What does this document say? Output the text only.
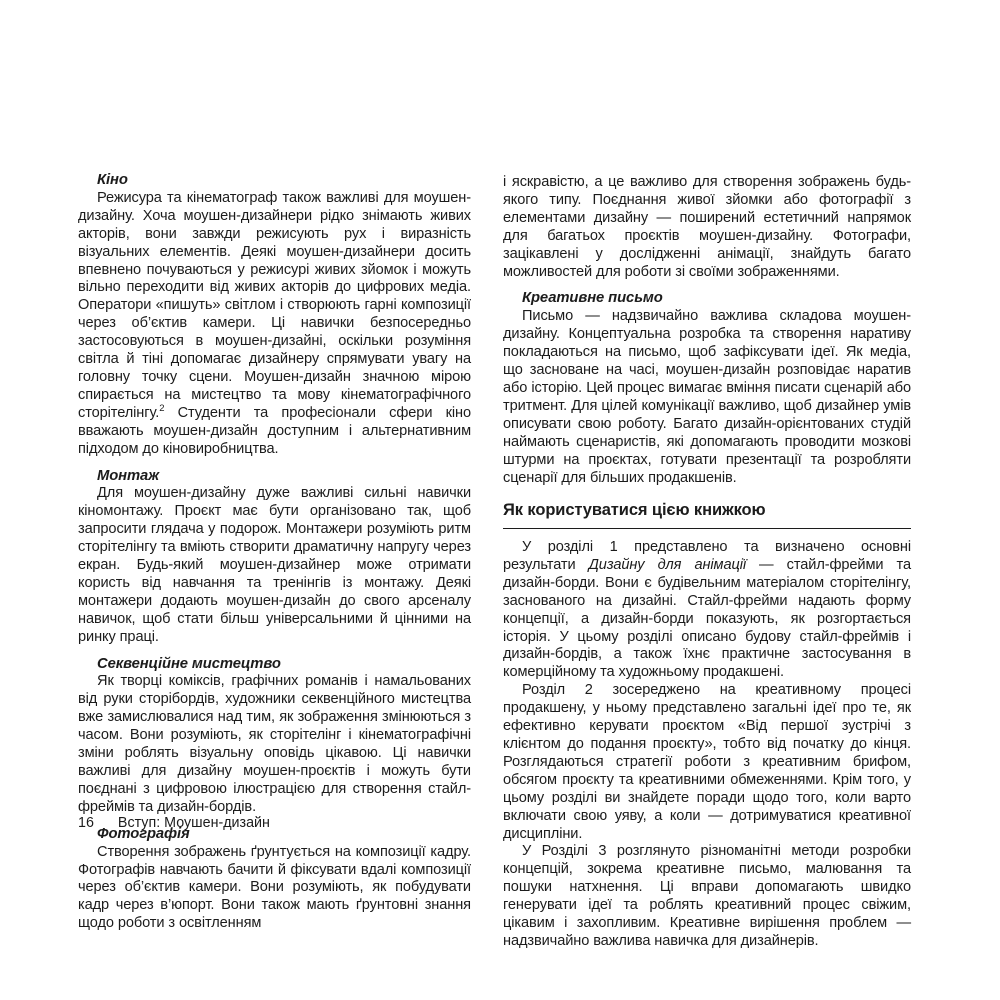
Кіно

Режисура та кінематограф також важливі для моушен-дизайну. Хоча моушен-дизайнери рідко знімають живих акторів, вони завжди режисують рух і виразність візуальних елементів. Деякі моушен-дизайнери досить впевнено почуваються у режисурі живих зйомок і можуть вільно переходити від живих акторів до цифрових медіа. Оператори «пишуть» світлом і створюють гарні композиції через об’єктив камери. Ці навички безпосередньо застосовуються в моушен-дизайні, оскільки розуміння світла й тіні допомагає дизайнеру спрямувати увагу на головну точку сцени. Моушен-дизайн значною мірою спирається на мистецтво та мову кінематографічного сторітелінгу.$^2$ Студенти та професіонали сфери кіно вважають моушен-дизайн доступним і альтернативним підходом до кіновиробництва.

Монтаж

Для моушен-дизайну дуже важливі сильні навички кіномонтажу. Проєкт має бути організовано так, щоб запросити глядача у подорож. Монтажери розуміють ритм сторітелінгу та вміють створити драматичну напругу через екран. Будь-який моушен-дизайнер може отримати користь від навчання та тренінгів із монтажу. Деякі монтажери додають моушен-дизайн до свого арсеналу навичок, щоб стати більш універсальними й цінними на ринку праці.

Секвенційне мистецтво

Як творці коміксів, графічних романів і намальованих від руки сторібордів, художники секвенційного мистецтва вже замислювалися над тим, як зображення змінюються з часом. Вони розуміють, як сторітелінг і кінематографічні зміни роблять візуальну оповідь цікавою. Ці навички важливі для дизайну моушен-проєктів і можуть бути поєднані з цифровою ілюстрацією для створення стайл-фреймів та дизайн-бордів.

Фотографія

Створення зображень ґрунтується на композиції кадру. Фотографів навчають бачити й фіксувати вдалі композиції через об’єктив камери. Вони розуміють, як побудувати кадр через в’юпорт. Вони також мають ґрунтовні знання щодо роботи з освітленням

і яскравістю, а це важливо для створення зображень будь-якого типу. Поєднання живої зйомки або фотографії з елементами дизайну — поширений естетичний напрямок для багатьох проєктів моушен-дизайну. Фотографи, зацікавлені у дослідженні анімації, знайдуть багато можливостей для роботи зі своїми зображеннями.

Креативне письмо

Письмо — надзвичайно важлива складова моушен-дизайну. Концептуальна розробка та створення наративу покладаються на письмо, щоб зафіксувати ідеї. Як медіа, що засноване на часі, моушен-дизайн розповідає наратив або історію. Цей процес вимагає вміння писати сценарій або тритмент. Для цілей комунікації важливо, щоб дизайнер умів описувати свою роботу. Багато дизайн-орієнтованих студій наймають сценаристів, які допомагають проводити мозкові штурми на проєктах, готувати презентації та розробляти сценарії для більших продакшенів.

Як користуватися цією книжкою

У розділі 1 представлено та визначено основні результати Дизайну для анімації — стайл-фрейми та дизайн-борди. Вони є будівельним матеріалом сторітелінгу, заснованого на дизайні. Стайл-фрейми надають форму концепції, а дизайн-борди показують, як розгортається історія. У цьому розділі описано будову стайл-фреймів і дизайн-бордів, а також їхнє практичне застосування в комерційному та художньому продакшені.

Розділ 2 зосереджено на креативному процесі продакшену, у ньому представлено загальні ідеї про те, як ефективно керувати проєктом «Від першої зустрічі з клієнтом до подання проєкту», тобто від початку до кінця. Розглядаються стратегії роботи з креативним брифом, обсягом проєкту та креативними обмеженнями. Крім того, у цьому розділі ви знайдете поради щодо того, коли варто включати свою уяву, а коли — дотримуватися креативної дисципліни.

У Розділі 3 розглянуто різноманітні методи розробки концепцій, зокрема креативне письмо, малювання та пошуки натхнення. Ці вправи допомагають швидко генерувати ідеї та роблять креативний процес свіжим, цікавим і захопливим. Креативне вирішення проблем — надзвичайно важлива навичка для дизайнерів.

16 Вступ: Моушен-дизайн
